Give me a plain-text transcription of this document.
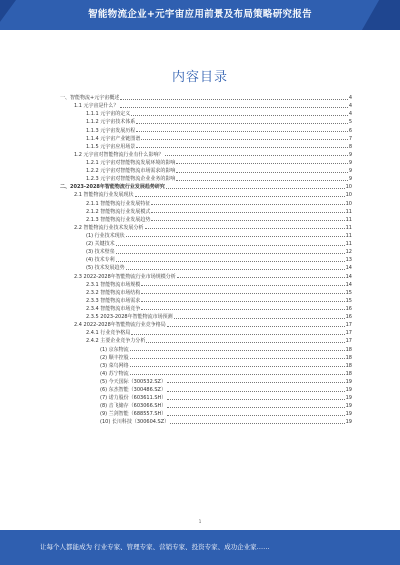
智能物流企业+元宇宙应用前景及布局策略研究报告
内容目录
一、智能物流+元宇宙概述	4
1.1 元宇宙是什么？	4
1.1.1 元宇宙的定义	4
1.1.2 元宇宙技术体系	5
1.1.3 元宇宙发展历程	6
1.1.4 元宇宙产业链图谱	7
1.1.5 元宇宙应用场景	8
1.2 元宇宙对智能物流行业有什么影响？	9
1.2.1 元宇宙对智能物流发展环境的影响	9
1.2.2 元宇宙对智能物流市场需求的影响	9
1.2.3 元宇宙对智能物流企业业务的影响	9
二、2023-2028年智能物流行业发展趋势研究	10
2.1 智能物流行业发展现状	10
2.1.1 智能物流行业发展特征	10
2.1.2 智能物流行业发展模式	11
2.1.3 智能物流行业发展趋势	11
2.2 智能物流行业技术发展分析	11
(1) 行业技术现状	11
(2) 关键技术	11
(3) 技术壁垒	12
(4) 技术专利	13
(5) 技术发展趋势	14
2.3 2022-2028年智能物流行业市场规模分析	14
2.3.1 智能物流市场规模	14
2.3.2 智能物流市场结构	15
2.3.3 智能物流市场需求	15
2.3.4 智能物流市场竞争	16
2.3.5 2023-2028年智能物流市场预测	16
2.4 2022-2028年智能物流行业竞争格局	17
2.4.1 行业竞争格局	17
2.4.2 主要企业竞争力分析	17
(1) 京东物流	18
(2) 顺丰控股	18
(3) 菜鸟网络	18
(4) 苏宁物流	18
(5) 今天国际（300532.SZ）	19
(6) 东杰智能（300486.SZ）	19
(7) 诺力股份（603611.SH）	19
(8) 音飞储存（603066.SH）	19
(9) 兰剑智能（688557.SH）	19
(10) 长川科技（300604.SZ）	19
1
让每个人都能成为 行业专家、管理专家、营销专家、投资专家、成功企业家……
